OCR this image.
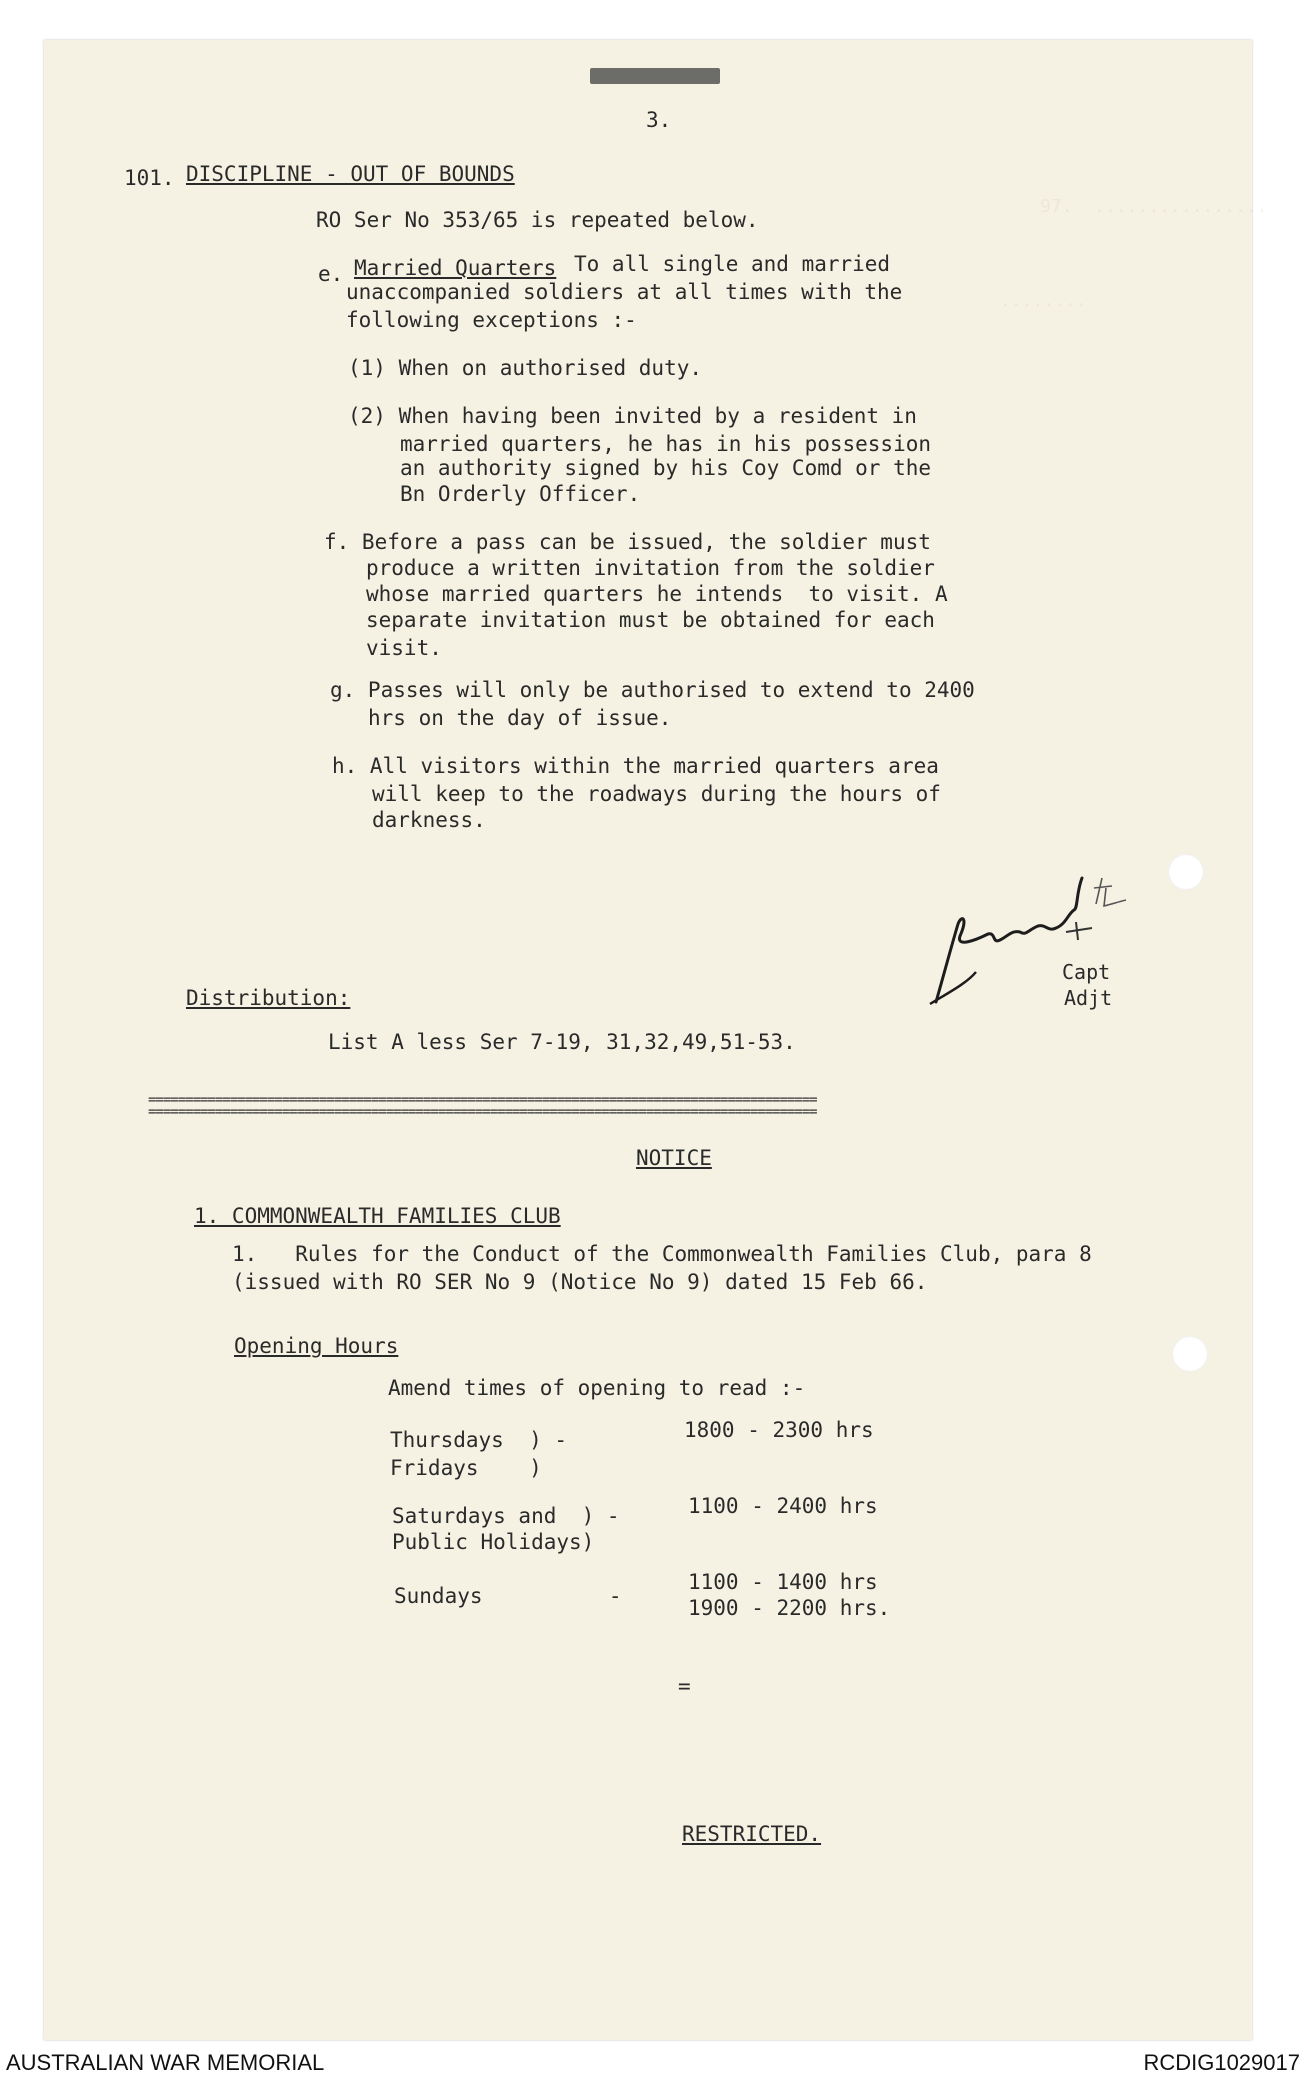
97.  ................
........
3.
101. DISCIPLINE - OUT OF BOUNDS
RO Ser No 353/65 is repeated below.
e. Married Quarters To all single and married
unaccompanied soldiers at all times with the
following exceptions :-
(1) When on authorised duty.
(2) When having been invited by a resident in
married quarters, he has in his possession
an authority signed by his Coy Comd or the
Bn Orderly Officer.
f. Before a pass can be issued, the soldier must
produce a written invitation from the soldier
whose married quarters he intends  to visit. A
separate invitation must be obtained for each
visit.
g. Passes will only be authorised to extend to 2400
hrs on the day of issue.
h. All visitors within the married quarters area
will keep to the roadways during the hours of
darkness.
Capt
Adjt
Distribution:
List A less Ser 7-19, 31,32,49,51-53.
==========================================================================================
==========================================================================================
NOTICE
1. COMMONWEALTH FAMILIES CLUB
1.   Rules for the Conduct of the Commonwealth Families Club, para 8
(issued with RO SER No 9 (Notice No 9) dated 15 Feb 66.
Opening Hours
Amend times of opening to read :-
Thursdays  ) -
Fridays    )
1800 - 2300 hrs
Saturdays and  ) -
Public Holidays)
1100 - 2400 hrs
Sundays          -
1100 - 1400 hrs
1900 - 2200 hrs.
=
RESTRICTED.
AUSTRALIAN WAR MEMORIAL	RCDIG1029017
